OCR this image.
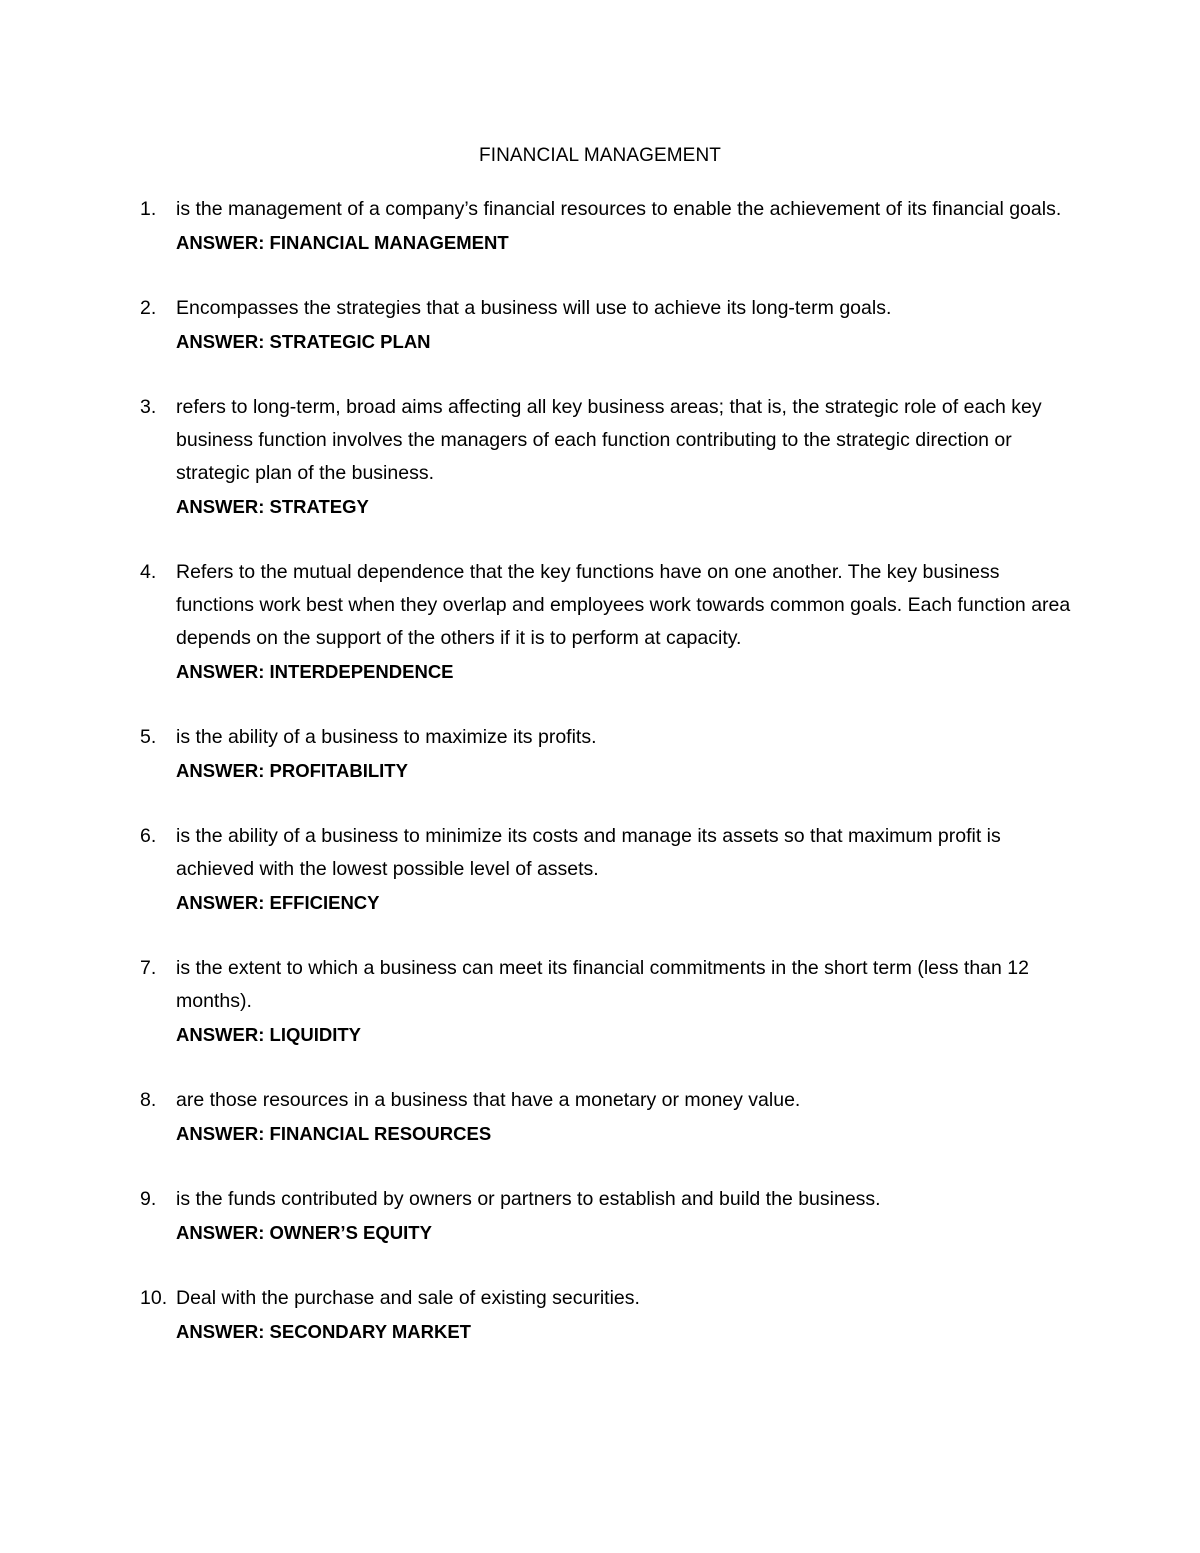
FINANCIAL MANAGEMENT
1. is the management of a company’s financial resources to enable the achievement of its financial goals.
ANSWER: FINANCIAL MANAGEMENT
2. Encompasses the strategies that a business will use to achieve its long-term goals.
ANSWER: STRATEGIC PLAN
3. refers to long-term, broad aims affecting all key business areas; that is, the strategic role of each key business function involves the managers of each function contributing to the strategic direction or strategic plan of the business.
ANSWER: STRATEGY
4. Refers to the mutual dependence that the key functions have on one another. The key business functions work best when they overlap and employees work towards common goals. Each function area depends on the support of the others if it is to perform at capacity.
ANSWER: INTERDEPENDENCE
5. is the ability of a business to maximize its profits.
ANSWER: PROFITABILITY
6. is the ability of a business to minimize its costs and manage its assets so that maximum profit is achieved with the lowest possible level of assets.
ANSWER: EFFICIENCY
7. is the extent to which a business can meet its financial commitments in the short term (less than 12 months).
ANSWER: LIQUIDITY
8. are those resources in a business that have a monetary or money value.
ANSWER: FINANCIAL RESOURCES
9. is the funds contributed by owners or partners to establish and build the business.
ANSWER: OWNER’S EQUITY
10. Deal with the purchase and sale of existing securities.
ANSWER: SECONDARY MARKET
